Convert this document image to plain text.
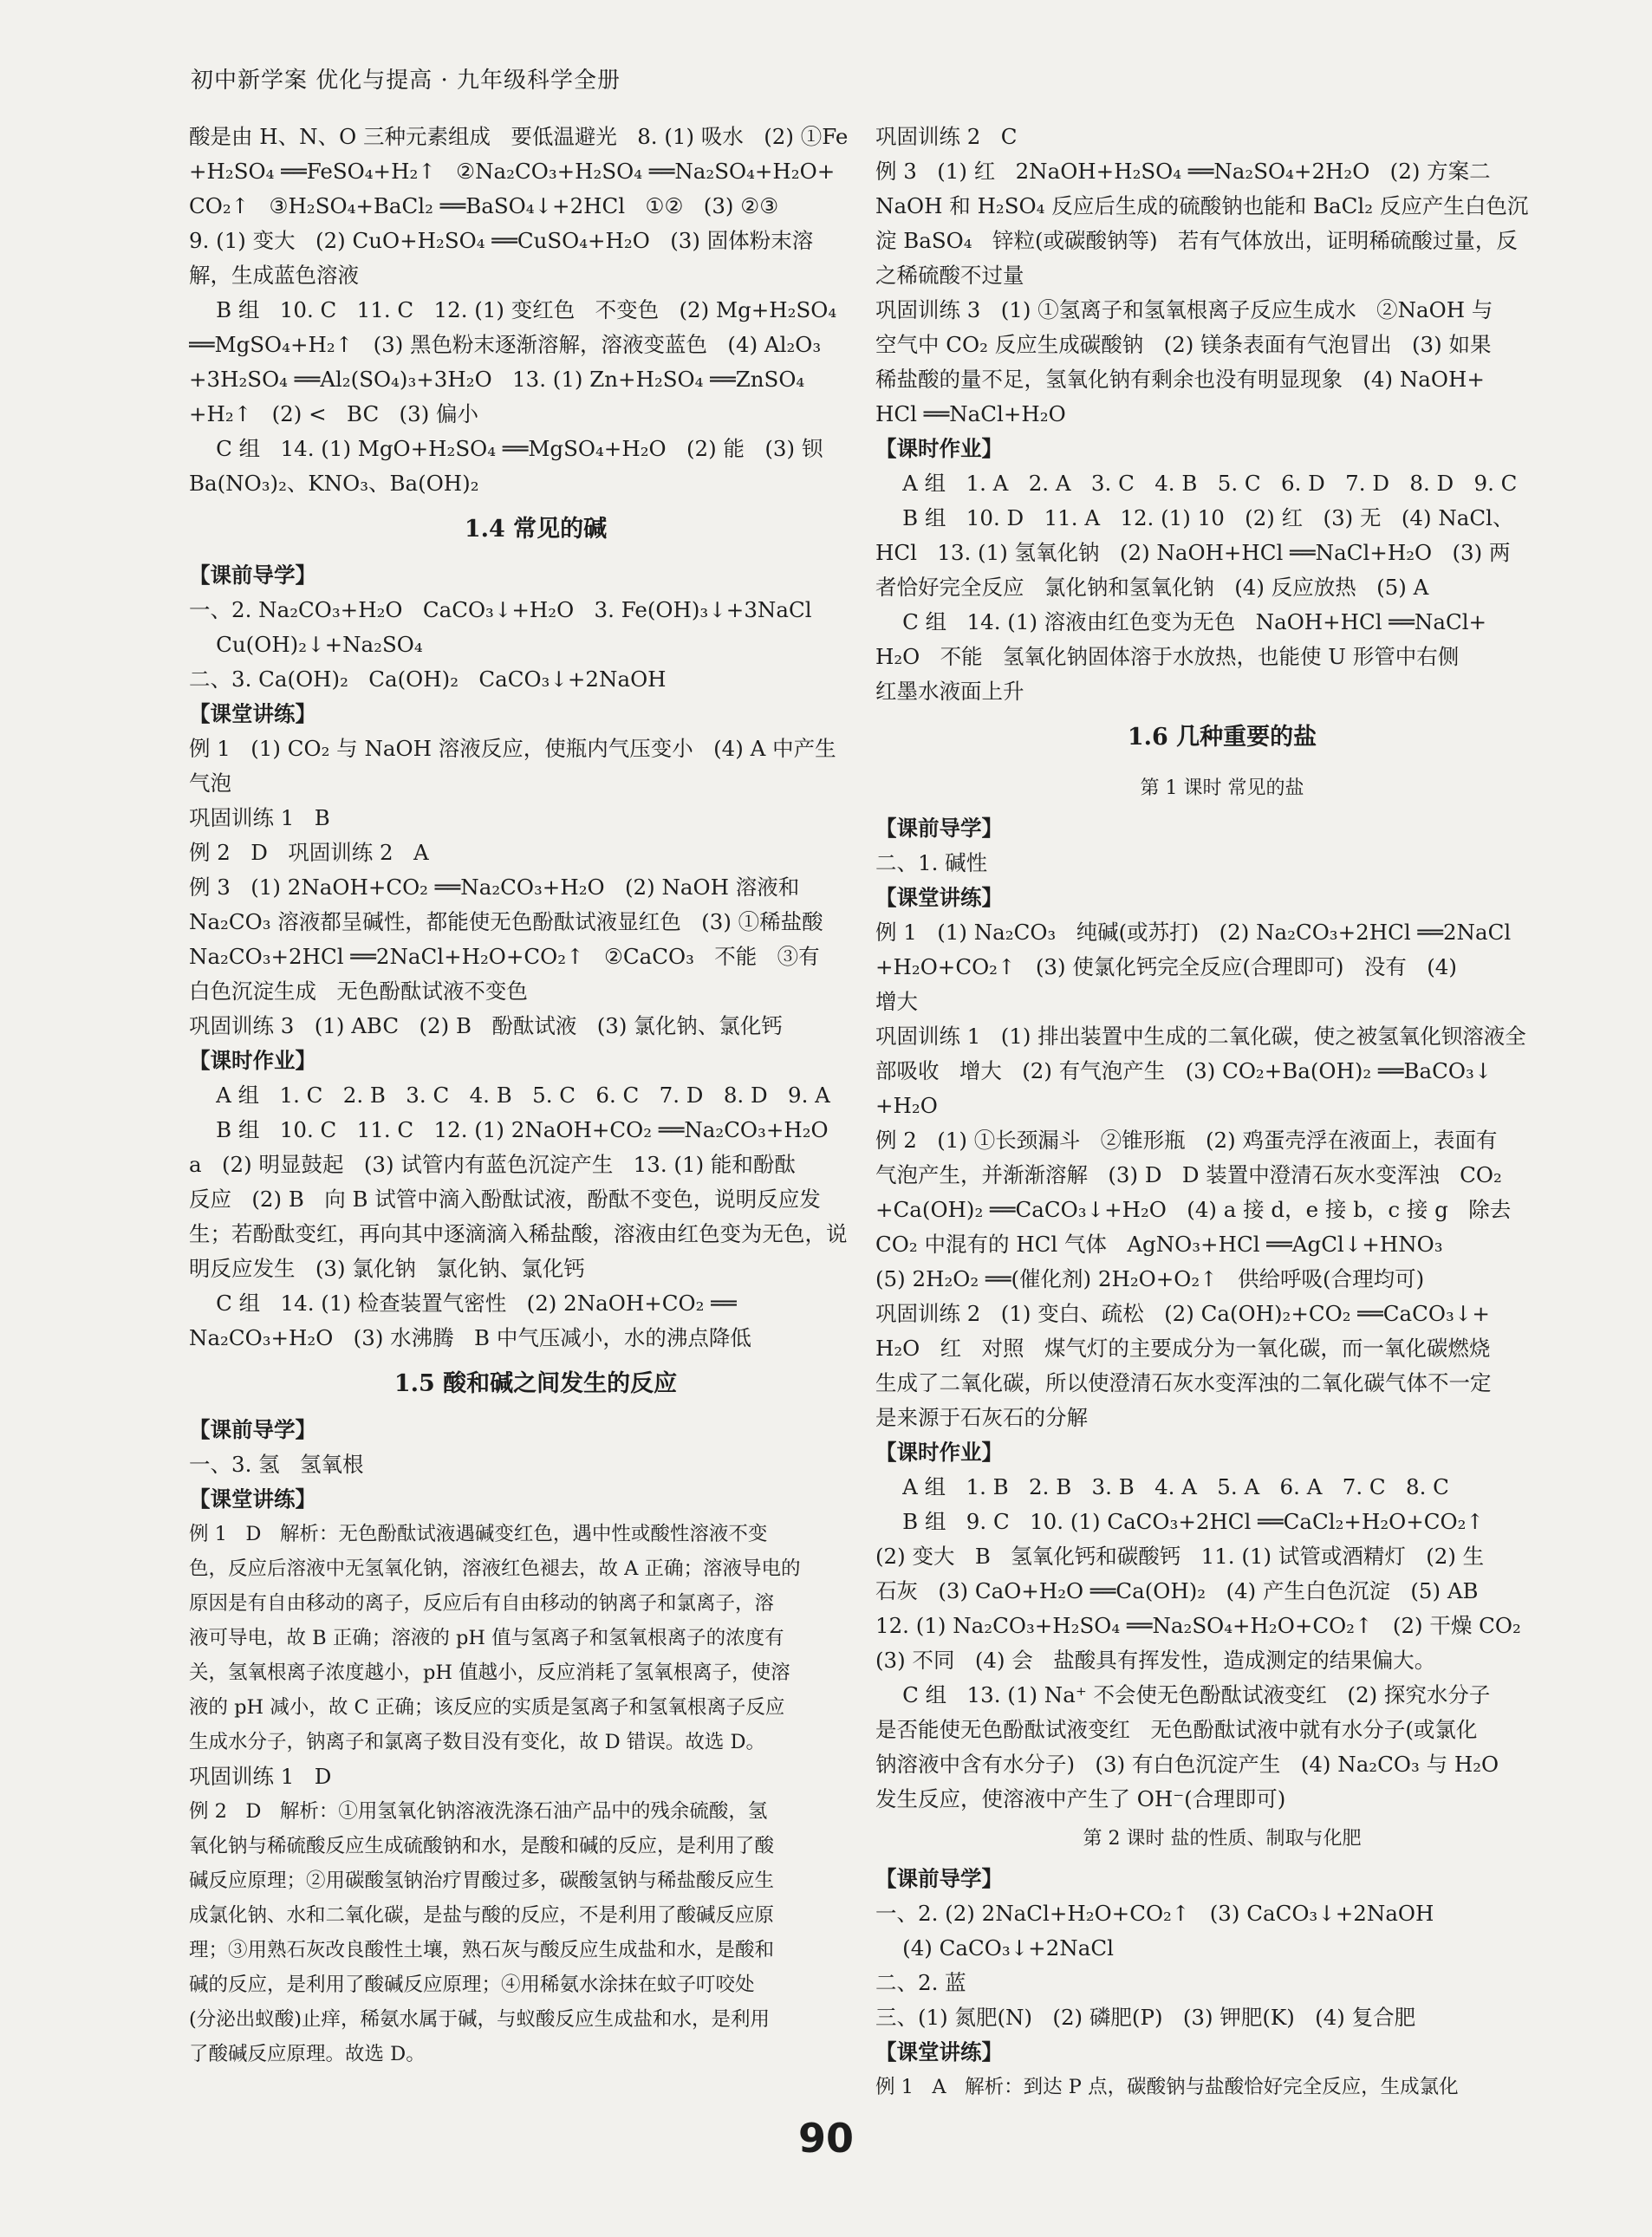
初中新学案 优化与提高 · 九年级科学全册
酸是由 H、N、O 三种元素组成   要低温避光   8. (1) 吸水   (2) ①Fe
+H₂SO₄ ══FeSO₄+H₂↑   ②Na₂CO₃+H₂SO₄ ══Na₂SO₄+H₂O+
CO₂↑   ③H₂SO₄+BaCl₂ ══BaSO₄↓+2HCl   ①②   (3) ②③
9. (1) 变大   (2) CuO+H₂SO₄ ══CuSO₄+H₂O   (3) 固体粉末溶
解，生成蓝色溶液
B 组   10. C   11. C   12. (1) 变红色   不变色   (2) Mg+H₂SO₄
══MgSO₄+H₂↑   (3) 黑色粉末逐渐溶解，溶液变蓝色   (4) Al₂O₃
+3H₂SO₄ ══Al₂(SO₄)₃+3H₂O   13. (1) Zn+H₂SO₄ ══ZnSO₄
+H₂↑   (2) <   BC   (3) 偏小
C 组   14. (1) MgO+H₂SO₄ ══MgSO₄+H₂O   (2) 能   (3) 钡
Ba(NO₃)₂、KNO₃、Ba(OH)₂
1.4 常见的碱
【课前导学】
一、2. Na₂CO₃+H₂O   CaCO₃↓+H₂O   3. Fe(OH)₃↓+3NaCl
Cu(OH)₂↓+Na₂SO₄
二、3. Ca(OH)₂   Ca(OH)₂   CaCO₃↓+2NaOH
【课堂讲练】
例 1   (1) CO₂ 与 NaOH 溶液反应，使瓶内气压变小   (4) A 中产生
气泡
巩固训练 1   B
例 2   D   巩固训练 2   A
例 3   (1) 2NaOH+CO₂ ══Na₂CO₃+H₂O   (2) NaOH 溶液和
Na₂CO₃ 溶液都呈碱性，都能使无色酚酞试液显红色   (3) ①稀盐酸
Na₂CO₃+2HCl ══2NaCl+H₂O+CO₂↑   ②CaCO₃   不能   ③有
白色沉淀生成   无色酚酞试液不变色
巩固训练 3   (1) ABC   (2) B   酚酞试液   (3) 氯化钠、氯化钙
【课时作业】
A 组   1. C   2. B   3. C   4. B   5. C   6. C   7. D   8. D   9. A
B 组   10. C   11. C   12. (1) 2NaOH+CO₂ ══Na₂CO₃+H₂O
a   (2) 明显鼓起   (3) 试管内有蓝色沉淀产生   13. (1) 能和酚酞
反应   (2) B   向 B 试管中滴入酚酞试液，酚酞不变色，说明反应发
生；若酚酞变红，再向其中逐滴滴入稀盐酸，溶液由红色变为无色，说
明反应发生   (3) 氯化钠   氯化钠、氯化钙
C 组   14. (1) 检查装置气密性   (2) 2NaOH+CO₂ ══
Na₂CO₃+H₂O   (3) 水沸腾   B 中气压减小，水的沸点降低
1.5 酸和碱之间发生的反应
【课前导学】
一、3. 氢   氢氧根
【课堂讲练】
例 1   D   解析：无色酚酞试液遇碱变红色，遇中性或酸性溶液不变
色，反应后溶液中无氢氧化钠，溶液红色褪去，故 A 正确；溶液导电的
原因是有自由移动的离子，反应后有自由移动的钠离子和氯离子，溶
液可导电，故 B 正确；溶液的 pH 值与氢离子和氢氧根离子的浓度有
关，氢氧根离子浓度越小，pH 值越小，反应消耗了氢氧根离子，使溶
液的 pH 减小，故 C 正确；该反应的实质是氢离子和氢氧根离子反应
生成水分子，钠离子和氯离子数目没有变化，故 D 错误。故选 D。
巩固训练 1   D
例 2   D   解析：①用氢氧化钠溶液洗涤石油产品中的残余硫酸，氢
氧化钠与稀硫酸反应生成硫酸钠和水，是酸和碱的反应，是利用了酸
碱反应原理；②用碳酸氢钠治疗胃酸过多，碳酸氢钠与稀盐酸反应生
成氯化钠、水和二氧化碳，是盐与酸的反应，不是利用了酸碱反应原
理；③用熟石灰改良酸性土壤，熟石灰与酸反应生成盐和水，是酸和
碱的反应，是利用了酸碱反应原理；④用稀氨水涂抹在蚊子叮咬处
(分泌出蚁酸)止痒，稀氨水属于碱，与蚁酸反应生成盐和水，是利用
了酸碱反应原理。故选 D。
巩固训练 2   C
例 3   (1) 红   2NaOH+H₂SO₄ ══Na₂SO₄+2H₂O   (2) 方案二
NaOH 和 H₂SO₄ 反应后生成的硫酸钠也能和 BaCl₂ 反应产生白色沉
淀 BaSO₄   锌粒(或碳酸钠等)   若有气体放出，证明稀硫酸过量，反
之稀硫酸不过量
巩固训练 3   (1) ①氢离子和氢氧根离子反应生成水   ②NaOH 与
空气中 CO₂ 反应生成碳酸钠   (2) 镁条表面有气泡冒出   (3) 如果
稀盐酸的量不足，氢氧化钠有剩余也没有明显现象   (4) NaOH+
HCl ══NaCl+H₂O
【课时作业】
A 组   1. A   2. A   3. C   4. B   5. C   6. D   7. D   8. D   9. C
B 组   10. D   11. A   12. (1) 10   (2) 红   (3) 无   (4) NaCl、
HCl   13. (1) 氢氧化钠   (2) NaOH+HCl ══NaCl+H₂O   (3) 两
者恰好完全反应   氯化钠和氢氧化钠   (4) 反应放热   (5) A
C 组   14. (1) 溶液由红色变为无色   NaOH+HCl ══NaCl+
H₂O   不能   氢氧化钠固体溶于水放热，也能使 U 形管中右侧
红墨水液面上升
1.6 几种重要的盐
第 1 课时 常见的盐
【课前导学】
二、1. 碱性
【课堂讲练】
例 1   (1) Na₂CO₃   纯碱(或苏打)   (2) Na₂CO₃+2HCl ══2NaCl
+H₂O+CO₂↑   (3) 使氯化钙完全反应(合理即可)   没有   (4)
增大
巩固训练 1   (1) 排出装置中生成的二氧化碳，使之被氢氧化钡溶液全
部吸收   增大   (2) 有气泡产生   (3) CO₂+Ba(OH)₂ ══BaCO₃↓
+H₂O
例 2   (1) ①长颈漏斗   ②锥形瓶   (2) 鸡蛋壳浮在液面上，表面有
气泡产生，并渐渐溶解   (3) D   D 装置中澄清石灰水变浑浊   CO₂
+Ca(OH)₂ ══CaCO₃↓+H₂O   (4) a 接 d，e 接 b，c 接 g   除去
CO₂ 中混有的 HCl 气体   AgNO₃+HCl ══AgCl↓+HNO₃
(5) 2H₂O₂ ══(催化剂) 2H₂O+O₂↑   供给呼吸(合理均可)
巩固训练 2   (1) 变白、疏松   (2) Ca(OH)₂+CO₂ ══CaCO₃↓+
H₂O   红   对照   煤气灯的主要成分为一氧化碳，而一氧化碳燃烧
生成了二氧化碳，所以使澄清石灰水变浑浊的二氧化碳气体不一定
是来源于石灰石的分解
【课时作业】
A 组   1. B   2. B   3. B   4. A   5. A   6. A   7. C   8. C
B 组   9. C   10. (1) CaCO₃+2HCl ══CaCl₂+H₂O+CO₂↑
(2) 变大   B   氢氧化钙和碳酸钙   11. (1) 试管或酒精灯   (2) 生
石灰   (3) CaO+H₂O ══Ca(OH)₂   (4) 产生白色沉淀   (5) AB
12. (1) Na₂CO₃+H₂SO₄ ══Na₂SO₄+H₂O+CO₂↑   (2) 干燥 CO₂
(3) 不同   (4) 会   盐酸具有挥发性，造成测定的结果偏大。
C 组   13. (1) Na⁺ 不会使无色酚酞试液变红   (2) 探究水分子
是否能使无色酚酞试液变红   无色酚酞试液中就有水分子(或氯化
钠溶液中含有水分子)   (3) 有白色沉淀产生   (4) Na₂CO₃ 与 H₂O
发生反应，使溶液中产生了 OH⁻(合理即可)
第 2 课时 盐的性质、制取与化肥
【课前导学】
一、2. (2) 2NaCl+H₂O+CO₂↑   (3) CaCO₃↓+2NaOH
(4) CaCO₃↓+2NaCl
二、2. 蓝
三、(1) 氮肥(N)   (2) 磷肥(P)   (3) 钾肥(K)   (4) 复合肥
【课堂讲练】
例 1   A   解析：到达 P 点，碳酸钠与盐酸恰好完全反应，生成氯化
90
